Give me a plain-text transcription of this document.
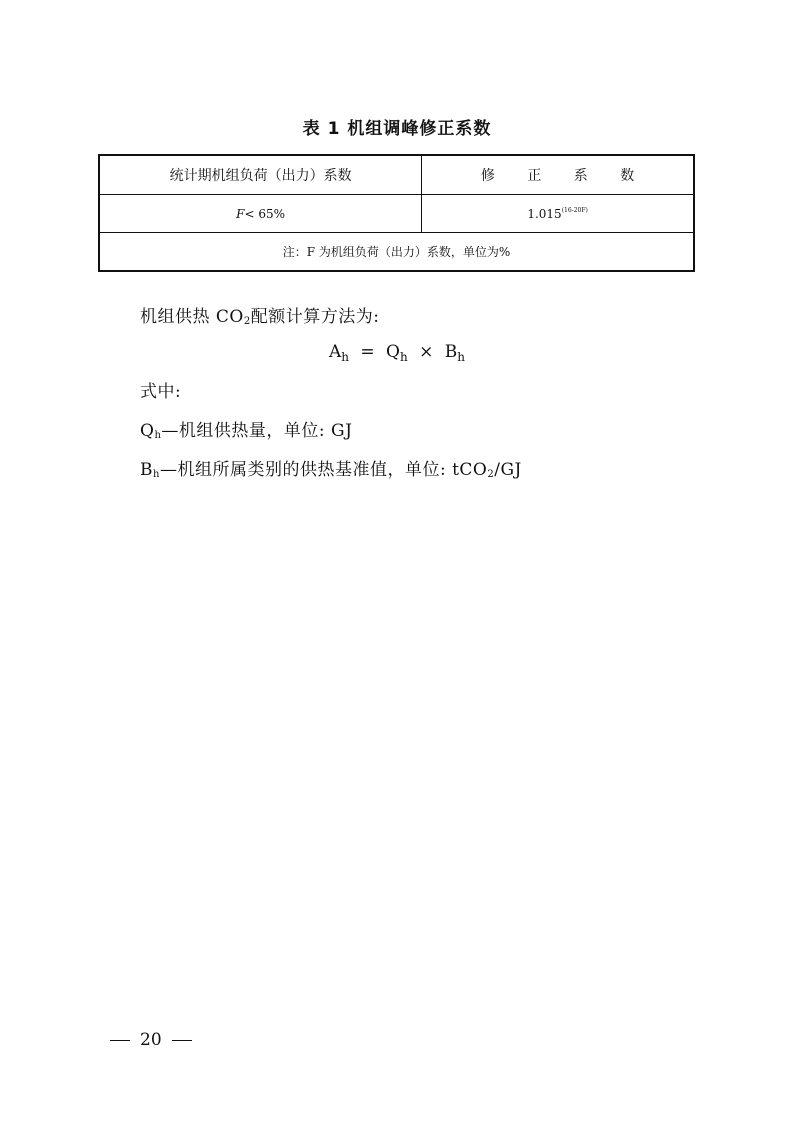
表 1 机组调峰修正系数
统计期机组负荷（出力）系数	修 正 系 数
F< 65%	$1.015^{(16-20F)}$
注：F 为机组负荷（出力）系数，单位为%	
机组供热 $CO_2$配额计算方法为:
$A_h = Q_h \times B_h$
式中:
$Q_h—$机组供热量，单位: GJ
$B_h—$机组所属类别的供热基准值，单位: tCO$_2$/GJ
20
